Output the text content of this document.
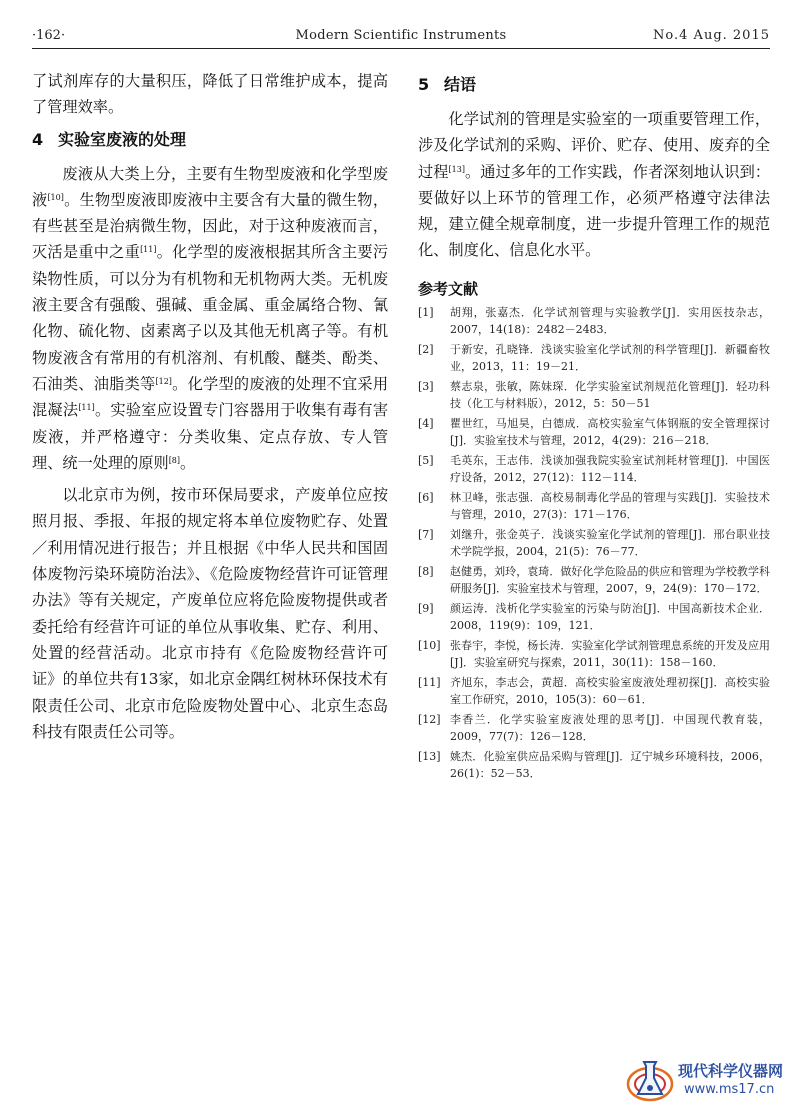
·162·	Modern Scientific Instruments	No.4 Aug. 2015

了试剂库存的大量积压，降低了日常维护成本，提高了管理效率。

4 实验室废液的处理

废液从大类上分，主要有生物型废液和化学型废液[10]。生物型废液即废液中主要含有大量的微生物，有些甚至是治病微生物，因此，对于这种废液而言，灭活是重中之重[11]。化学型的废液根据其所含主要污染物性质，可以分为有机物和无机物两大类。无机废液主要含有强酸、强碱、重金属、重金属络合物、氰化物、硫化物、卤素离子以及其他无机离子等。有机物废液含有常用的有机溶剂、有机酸、醚类、酚类、石油类、油脂类等[12]。化学型的废液的处理不宜采用混凝法[11]。实验室应设置专门容器用于收集有毒有害废液，并严格遵守：分类收集、定点存放、专人管理、统一处理的原则[8]。

以北京市为例，按市环保局要求，产废单位应按照月报、季报、年报的规定将本单位废物贮存、处置／利用情况进行报告；并且根据《中华人民共和国固体废物污染环境防治法》、《危险废物经营许可证管理办法》等有关规定，产废单位应将危险废物提供或者委托给有经营许可证的单位从事收集、贮存、利用、处置的经营活动。北京市持有《危险废物经营许可证》的单位共有13家，如北京金隅红树林环保技术有限责任公司、北京市危险废物处置中心、北京生态岛科技有限责任公司等。

5 结语

化学试剂的管理是实验室的一项重要管理工作，涉及化学试剂的采购、评价、贮存、使用、废弃的全过程[13]。通过多年的工作实践，作者深刻地认识到：要做好以上环节的管理工作，必须严格遵守法律法规，建立健全规章制度，进一步提升管理工作的规范化、制度化、信息化水平。

参考文献
[1]	胡翔，张嘉杰．化学试剂管理与实验教学[J]．实用医技杂志，2007，14(18)：2482－2483．
[2]	于新安，孔晓锋．浅谈实验室化学试剂的科学管理[J]．新疆畜牧业，2013，11：19－21．
[3]	蔡志泉，张敏，陈妹琛．化学实验室试剂规范化管理[J]．轻功科技（化工与材料版），2012，5：50－51
[4]	瞿世红，马旭昊，白德成．高校实验室气体钢瓶的安全管理探讨[J]．实验室技术与管理，2012，4(29)：216－218．
[5]	毛英东，王志伟．浅谈加强我院实验室试剂耗材管理[J]．中国医疗设备，2012，27(12)：112－114．
[6]	林卫峰，张志强．高校易制毒化学品的管理与实践[J]．实验技术与管理，2010，27(3)：171－176．
[7]	刘继升，张金英子．浅谈实验室化学试剂的管理[J]．邢台职业技术学院学报，2004，21(5)：76－77．
[8]	赵健勇，刘玲，袁琦．做好化学危险品的供应和管理为学校教学科研服务[J]．实验室技术与管理，2007，9，24(9)：170－172．
[9]	颜运涛．浅析化学实验室的污染与防治[J]．中国高新技术企业．2008，119(9)：109，121．
[10] 张春宇，李悦，杨长涛．实验室化学试剂管理息系统的开发及应用[J]．实验室研究与探索，2011，30(11)：158－160．
[11] 齐旭东，李志会，黄超．高校实验室废液处理初探[J]．高校实验室工作研究，2010，105(3)：60－61．
[12] 李香兰．化学实验室废液处理的思考[J]．中国现代教育装，2009，77(7)：126－128．
[13] 姚杰．化验室供应品采购与管理[J]．辽宁城乡环境科技，2006，26(1)：52－53．
现代科学仪器网
www.ms17.cn
